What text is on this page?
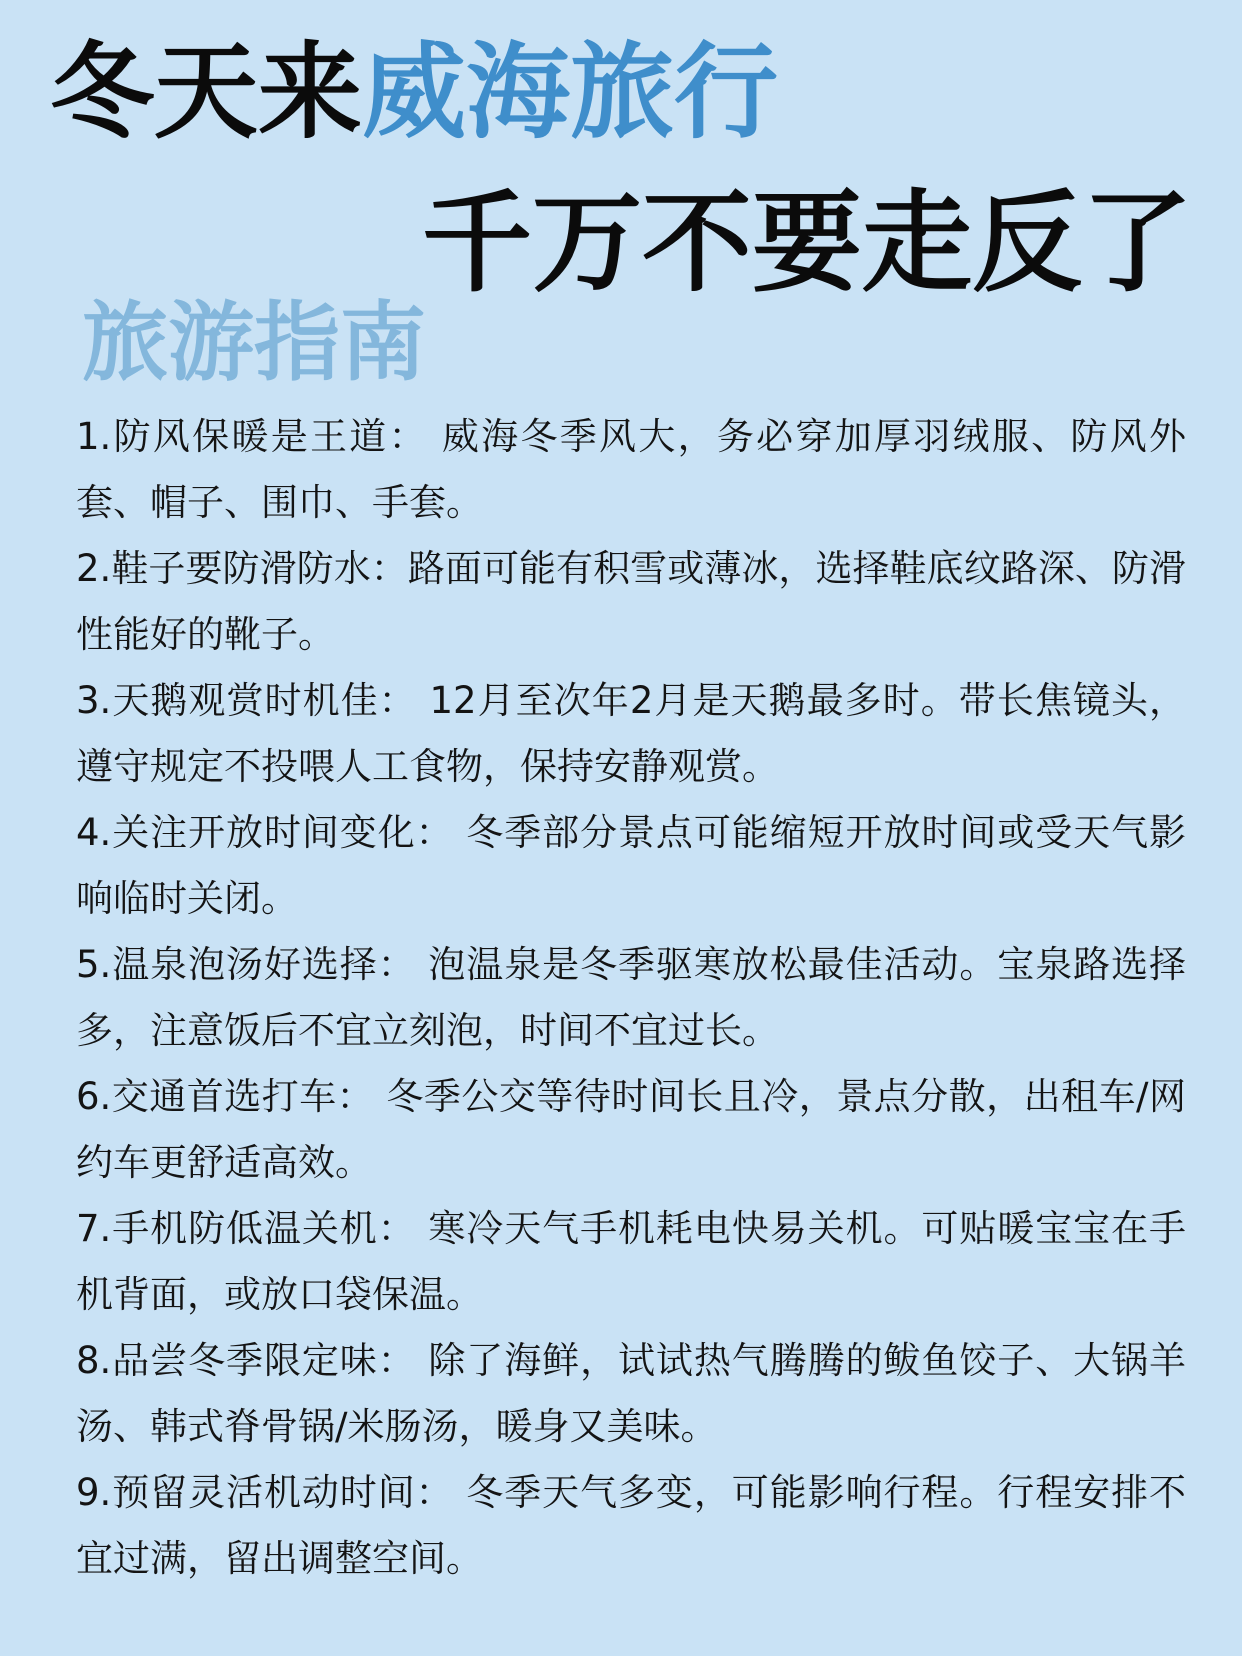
冬天来威海旅行
千万不要走反了
旅游指南
1.防风保暖是王道： 威海冬季风大，务必穿加厚羽绒服、防风外套、帽子、围巾、手套。
2.鞋子要防滑防水：路面可能有积雪或薄冰，选择鞋底纹路深、防滑性能好的靴子。
3.天鹅观赏时机佳： 12月至次年2月是天鹅最多时。带长焦镜头，遵守规定不投喂人工食物，保持安静观赏。
4.关注开放时间变化： 冬季部分景点可能缩短开放时间或受天气影响临时关闭。
5.温泉泡汤好选择： 泡温泉是冬季驱寒放松最佳活动。宝泉路选择多，注意饭后不宜立刻泡，时间不宜过长。
6.交通首选打车： 冬季公交等待时间长且冷，景点分散，出租车/网约车更舒适高效。
7.手机防低温关机： 寒冷天气手机耗电快易关机。可贴暖宝宝在手机背面，或放口袋保温。
8.品尝冬季限定味： 除了海鲜，试试热气腾腾的鲅鱼饺子、大锅羊汤、韩式脊骨锅/米肠汤，暖身又美味。
9.预留灵活机动时间： 冬季天气多变，可能影响行程。行程安排不宜过满，留出调整空间。
